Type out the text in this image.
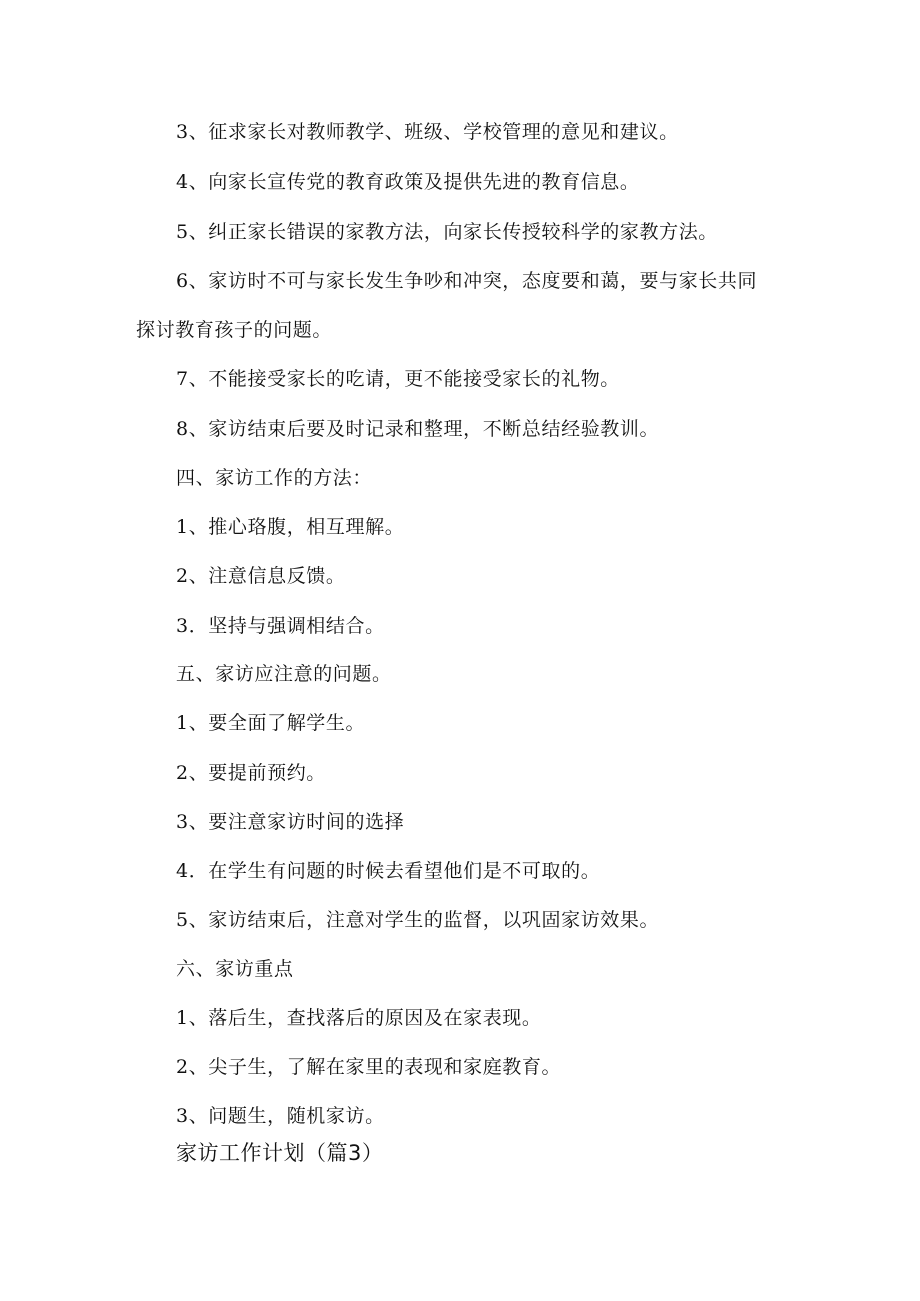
3、征求家长对教师教学、班级、学校管理的意见和建议。
4、向家长宣传党的教育政策及提供先进的教育信息。
5、纠正家长错误的家教方法，向家长传授较科学的家教方法。
6、家访时不可与家长发生争吵和冲突，态度要和蔼，要与家长共同
探讨教育孩子的问题。
7、不能接受家长的吃请，更不能接受家长的礼物。
8、家访结束后要及时记录和整理，不断总结经验教训。
四、家访工作的方法：
1、推心珞腹，相互理解。
2、注意信息反馈。
3．坚持与强调相结合。
五、家访应注意的问题。
1、要全面了解学生。
2、要提前预约。
3、要注意家访时间的选择
4．在学生有问题的时候去看望他们是不可取的。
5、家访结束后，注意对学生的监督，以巩固家访效果。
六、家访重点
1、落后生，查找落后的原因及在家表现。
2、尖子生，了解在家里的表现和家庭教育。
3、问题生，随机家访。
家访工作计划（篇3）
